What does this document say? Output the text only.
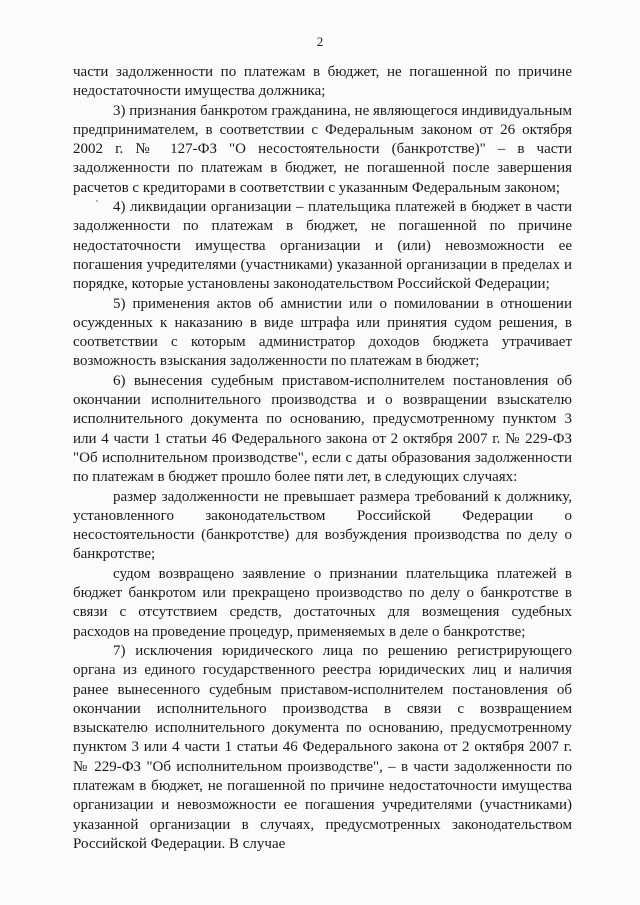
2

части задолженности по платежам в бюджет, не погашенной по причине недостаточности имущества должника;

3) признания банкротом гражданина, не являющегося индивидуальным предпринимателем, в соответствии с Федеральным законом от 26 октября 2002 г. № 127-ФЗ "О несостоятельности (банкротстве)" – в части задолженности по платежам в бюджет, не погашенной после завершения расчетов с кредиторами в соответствии с указанным Федеральным законом;

4) ликвидации организации – плательщика платежей в бюджет в части задолженности по платежам в бюджет, не погашенной по причине недостаточности имущества организации и (или) невозможности ее погашения учредителями (участниками) указанной организации в пределах и порядке, которые установлены законодательством Российской Федерации;

5) применения актов об амнистии или о помиловании в отношении осужденных к наказанию в виде штрафа или принятия судом решения, в соответствии с которым администратор доходов бюджета утрачивает возможность взыскания задолженности по платежам в бюджет;

6) вынесения судебным приставом-исполнителем постановления об окончании исполнительного производства и о возвращении взыскателю исполнительного документа по основанию, предусмотренному пунктом 3 или 4 части 1 статьи 46 Федерального закона от 2 октября 2007 г. № 229-ФЗ "Об исполнительном производстве", если с даты образования задолженности по платежам в бюджет прошло более пяти лет, в следующих случаях:

размер задолженности не превышает размера требований к должнику, установленного законодательством Российской Федерации о несостоятельности (банкротстве) для возбуждения производства по делу о банкротстве;

судом возвращено заявление о признании плательщика платежей в бюджет банкротом или прекращено производство по делу о банкротстве в связи с отсутствием средств, достаточных для возмещения судебных расходов на проведение процедур, применяемых в деле о банкротстве;

7) исключения юридического лица по решению регистрирующего органа из единого государственного реестра юридических лиц и наличия ранее вынесенного судебным приставом-исполнителем постановления об окончании исполнительного производства в связи с возвращением взыскателю исполнительного документа по основанию, предусмотренному пунктом 3 или 4 части 1 статьи 46 Федерального закона от 2 октября 2007 г. № 229-ФЗ "Об исполнительном производстве", – в части задолженности по платежам в бюджет, не погашенной по причине недостаточности имущества организации и невозможности ее погашения учредителями (участниками) указанной организации в случаях, предусмотренных законодательством Российской Федерации. В случае
